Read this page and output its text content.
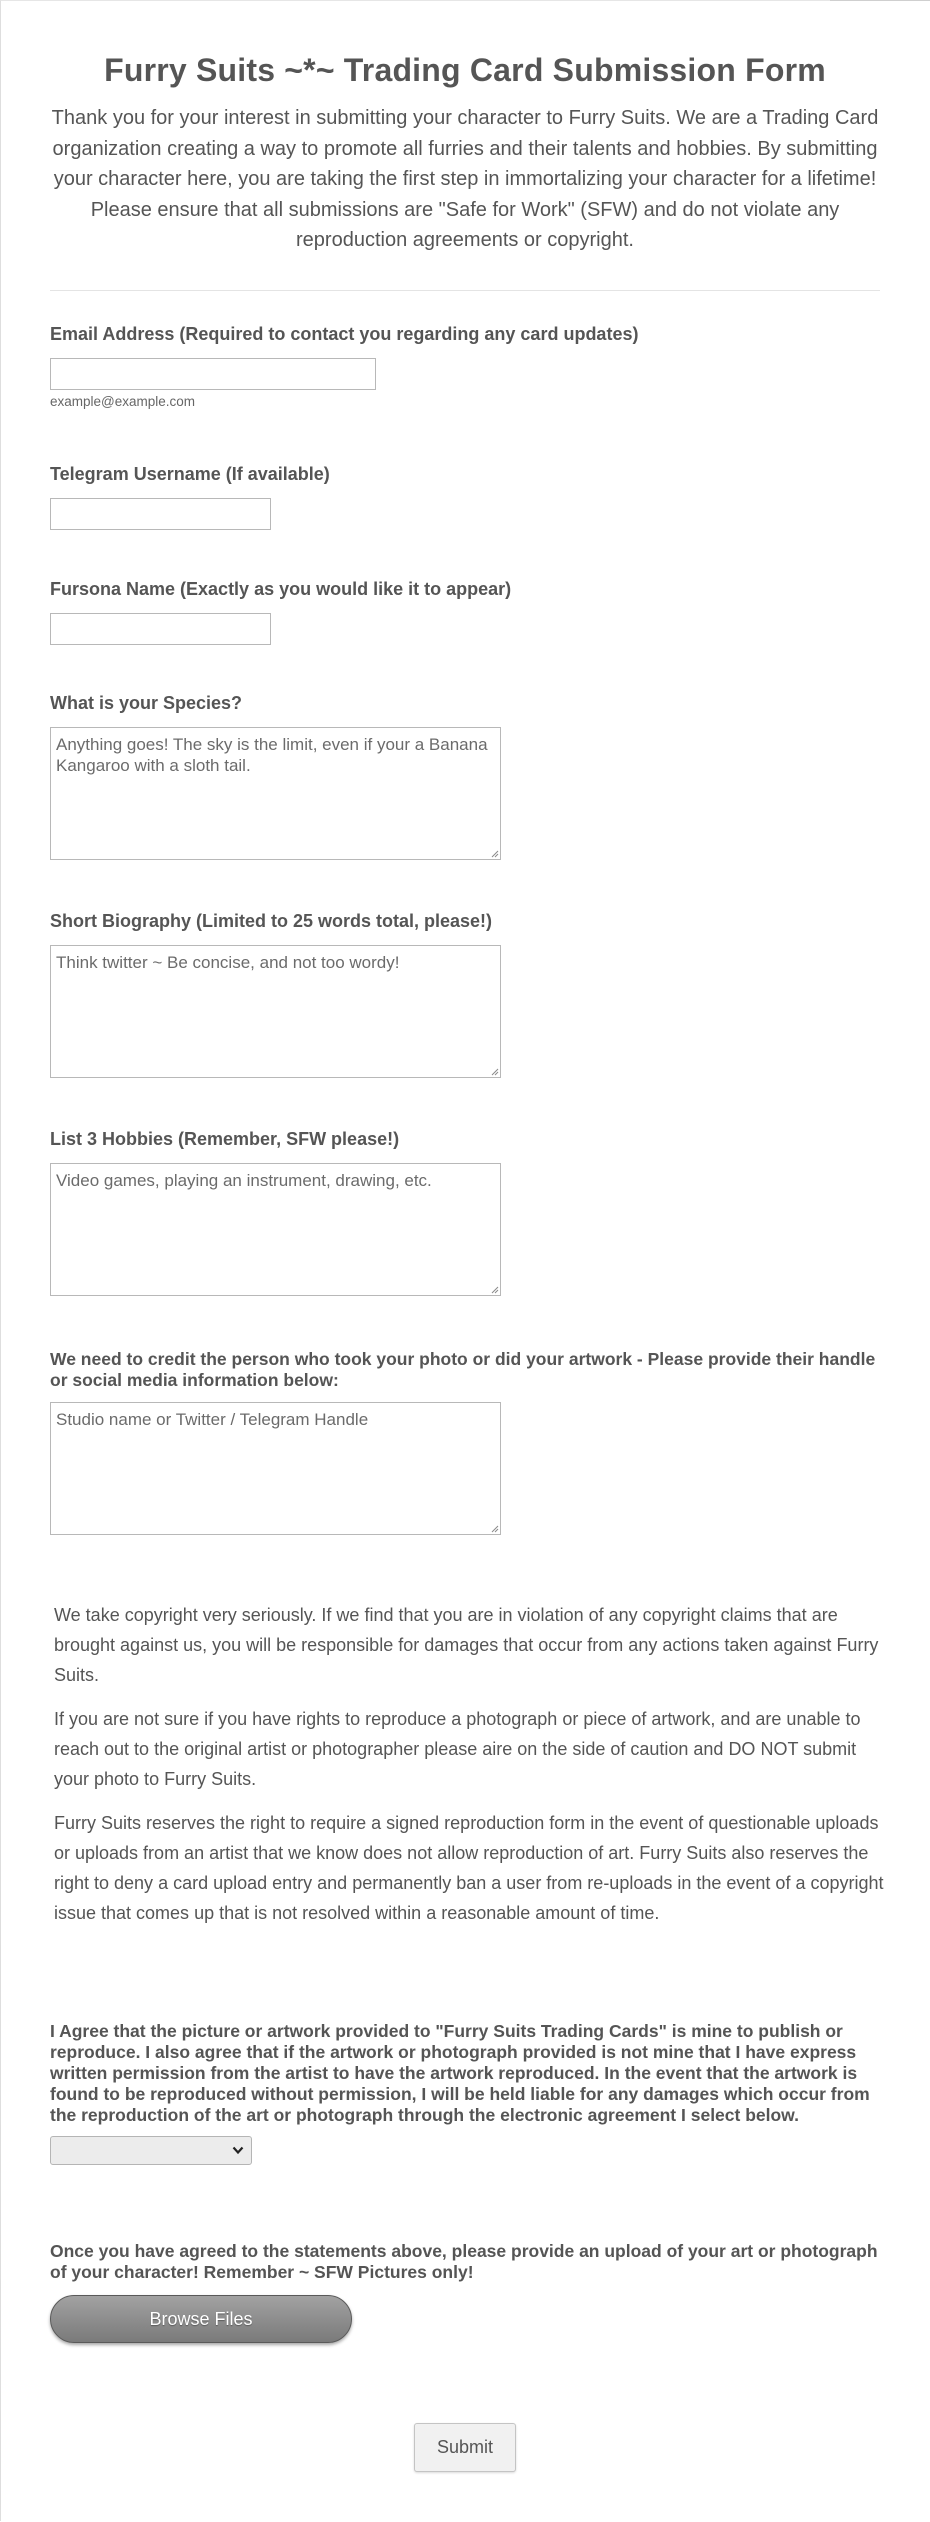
Furry Suits ~*~ Trading Card Submission Form

Thank you for your interest in submitting your character to Furry Suits. We are a Trading Card organization creating a way to promote all furries and their talents and hobbies. By submitting your character here, you are taking the first step in immortalizing your character for a lifetime! Please ensure that all submissions are "Safe for Work" (SFW) and do not violate any reproduction agreements or copyright.

Email Address (Required to contact you regarding any card updates)

example@example.com

Telegram Username (If available)

Fursona Name (Exactly as you would like it to appear)

What is your Species?

Anything goes! The sky is the limit, even if your a Banana Kangaroo with a sloth tail.

Short Biography (Limited to 25 words total, please!)

Think twitter ~ Be concise, and not too wordy!

List 3 Hobbies (Remember, SFW please!)

Video games, playing an instrument, drawing, etc.

We need to credit the person who took your photo or did your artwork - Please provide their handle or social media information below:

Studio name or Twitter / Telegram Handle

We take copyright very seriously. If we find that you are in violation of any copyright claims that are brought against us, you will be responsible for damages that occur from any actions taken against Furry Suits.

If you are not sure if you have rights to reproduce a photograph or piece of artwork, and are unable to reach out to the original artist or photographer please aire on the side of caution and DO NOT submit your photo to Furry Suits.

Furry Suits reserves the right to require a signed reproduction form in the event of questionable uploads or uploads from an artist that we know does not allow reproduction of art. Furry Suits also reserves the right to deny a card upload entry and permanently ban a user from re-uploads in the event of a copyright issue that comes up that is not resolved within a reasonable amount of time.

I Agree that the picture or artwork provided to "Furry Suits Trading Cards" is mine to publish or reproduce. I also agree that if the artwork or photograph provided is not mine that I have express written permission from the artist to have the artwork reproduced. In the event that the artwork is found to be reproduced without permission, I will be held liable for any damages which occur from the reproduction of the art or photograph through the electronic agreement I select below.

Once you have agreed to the statements above, please provide an upload of your art or photograph of your character! Remember ~ SFW Pictures only!

Browse Files
Submit
